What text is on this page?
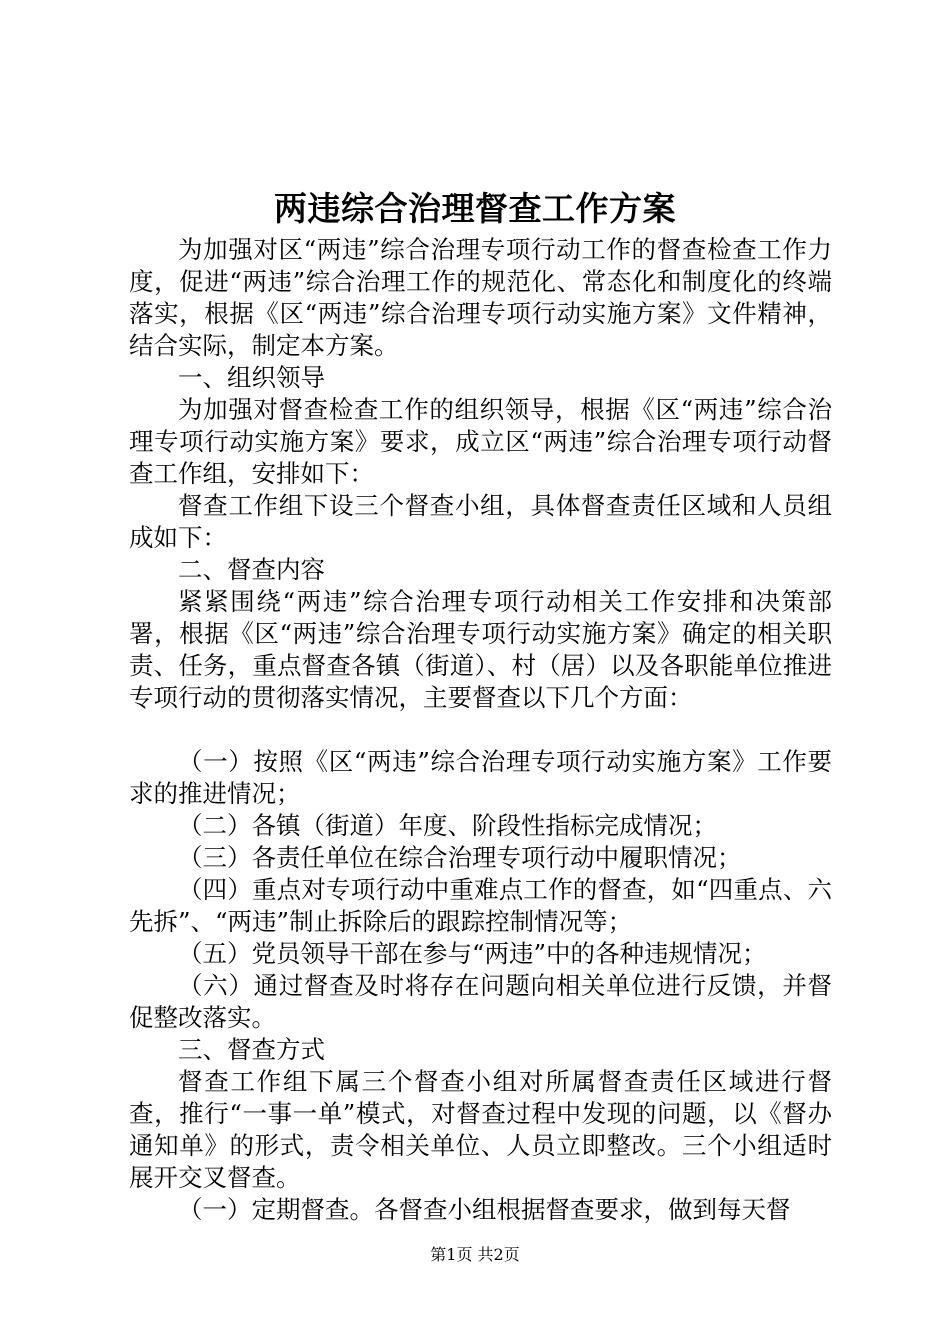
两违综合治理督查工作方案

为加强对区“两违”综合治理专项行动工作的督查检查工作力度，促进“两违”综合治理工作的规范化、常态化和制度化的终端落实，根据《区“两违”综合治理专项行动实施方案》文件精神，结合实际，制定本方案。

一、组织领导

为加强对督查检查工作的组织领导，根据《区“两违”综合治理专项行动实施方案》要求，成立区“两违”综合治理专项行动督查工作组，安排如下：

督查工作组下设三个督查小组，具体督查责任区域和人员组成如下：

二、督查内容

紧紧围绕“两违”综合治理专项行动相关工作安排和决策部署，根据《区“两违”综合治理专项行动实施方案》确定的相关职责、任务，重点督查各镇（街道）、村（居）以及各职能单位推进专项行动的贯彻落实情况，主要督查以下几个方面：

（一）按照《区“两违”综合治理专项行动实施方案》工作要求的推进情况；

（二）各镇（街道）年度、阶段性指标完成情况；

（三）各责任单位在综合治理专项行动中履职情况；

（四）重点对专项行动中重难点工作的督查，如“四重点、六先拆”、“两违”制止拆除后的跟踪控制情况等；

（五）党员领导干部在参与“两违”中的各种违规情况；

（六）通过督查及时将存在问题向相关单位进行反馈，并督促整改落实。

三、督查方式

督查工作组下属三个督查小组对所属督查责任区域进行督查，推行“一事一单”模式，对督查过程中发现的问题，以《督办通知单》的形式，责令相关单位、人员立即整改。三个小组适时展开交叉督查。

（一）定期督查。各督查小组根据督查要求，做到每天督

第1页 共2页
